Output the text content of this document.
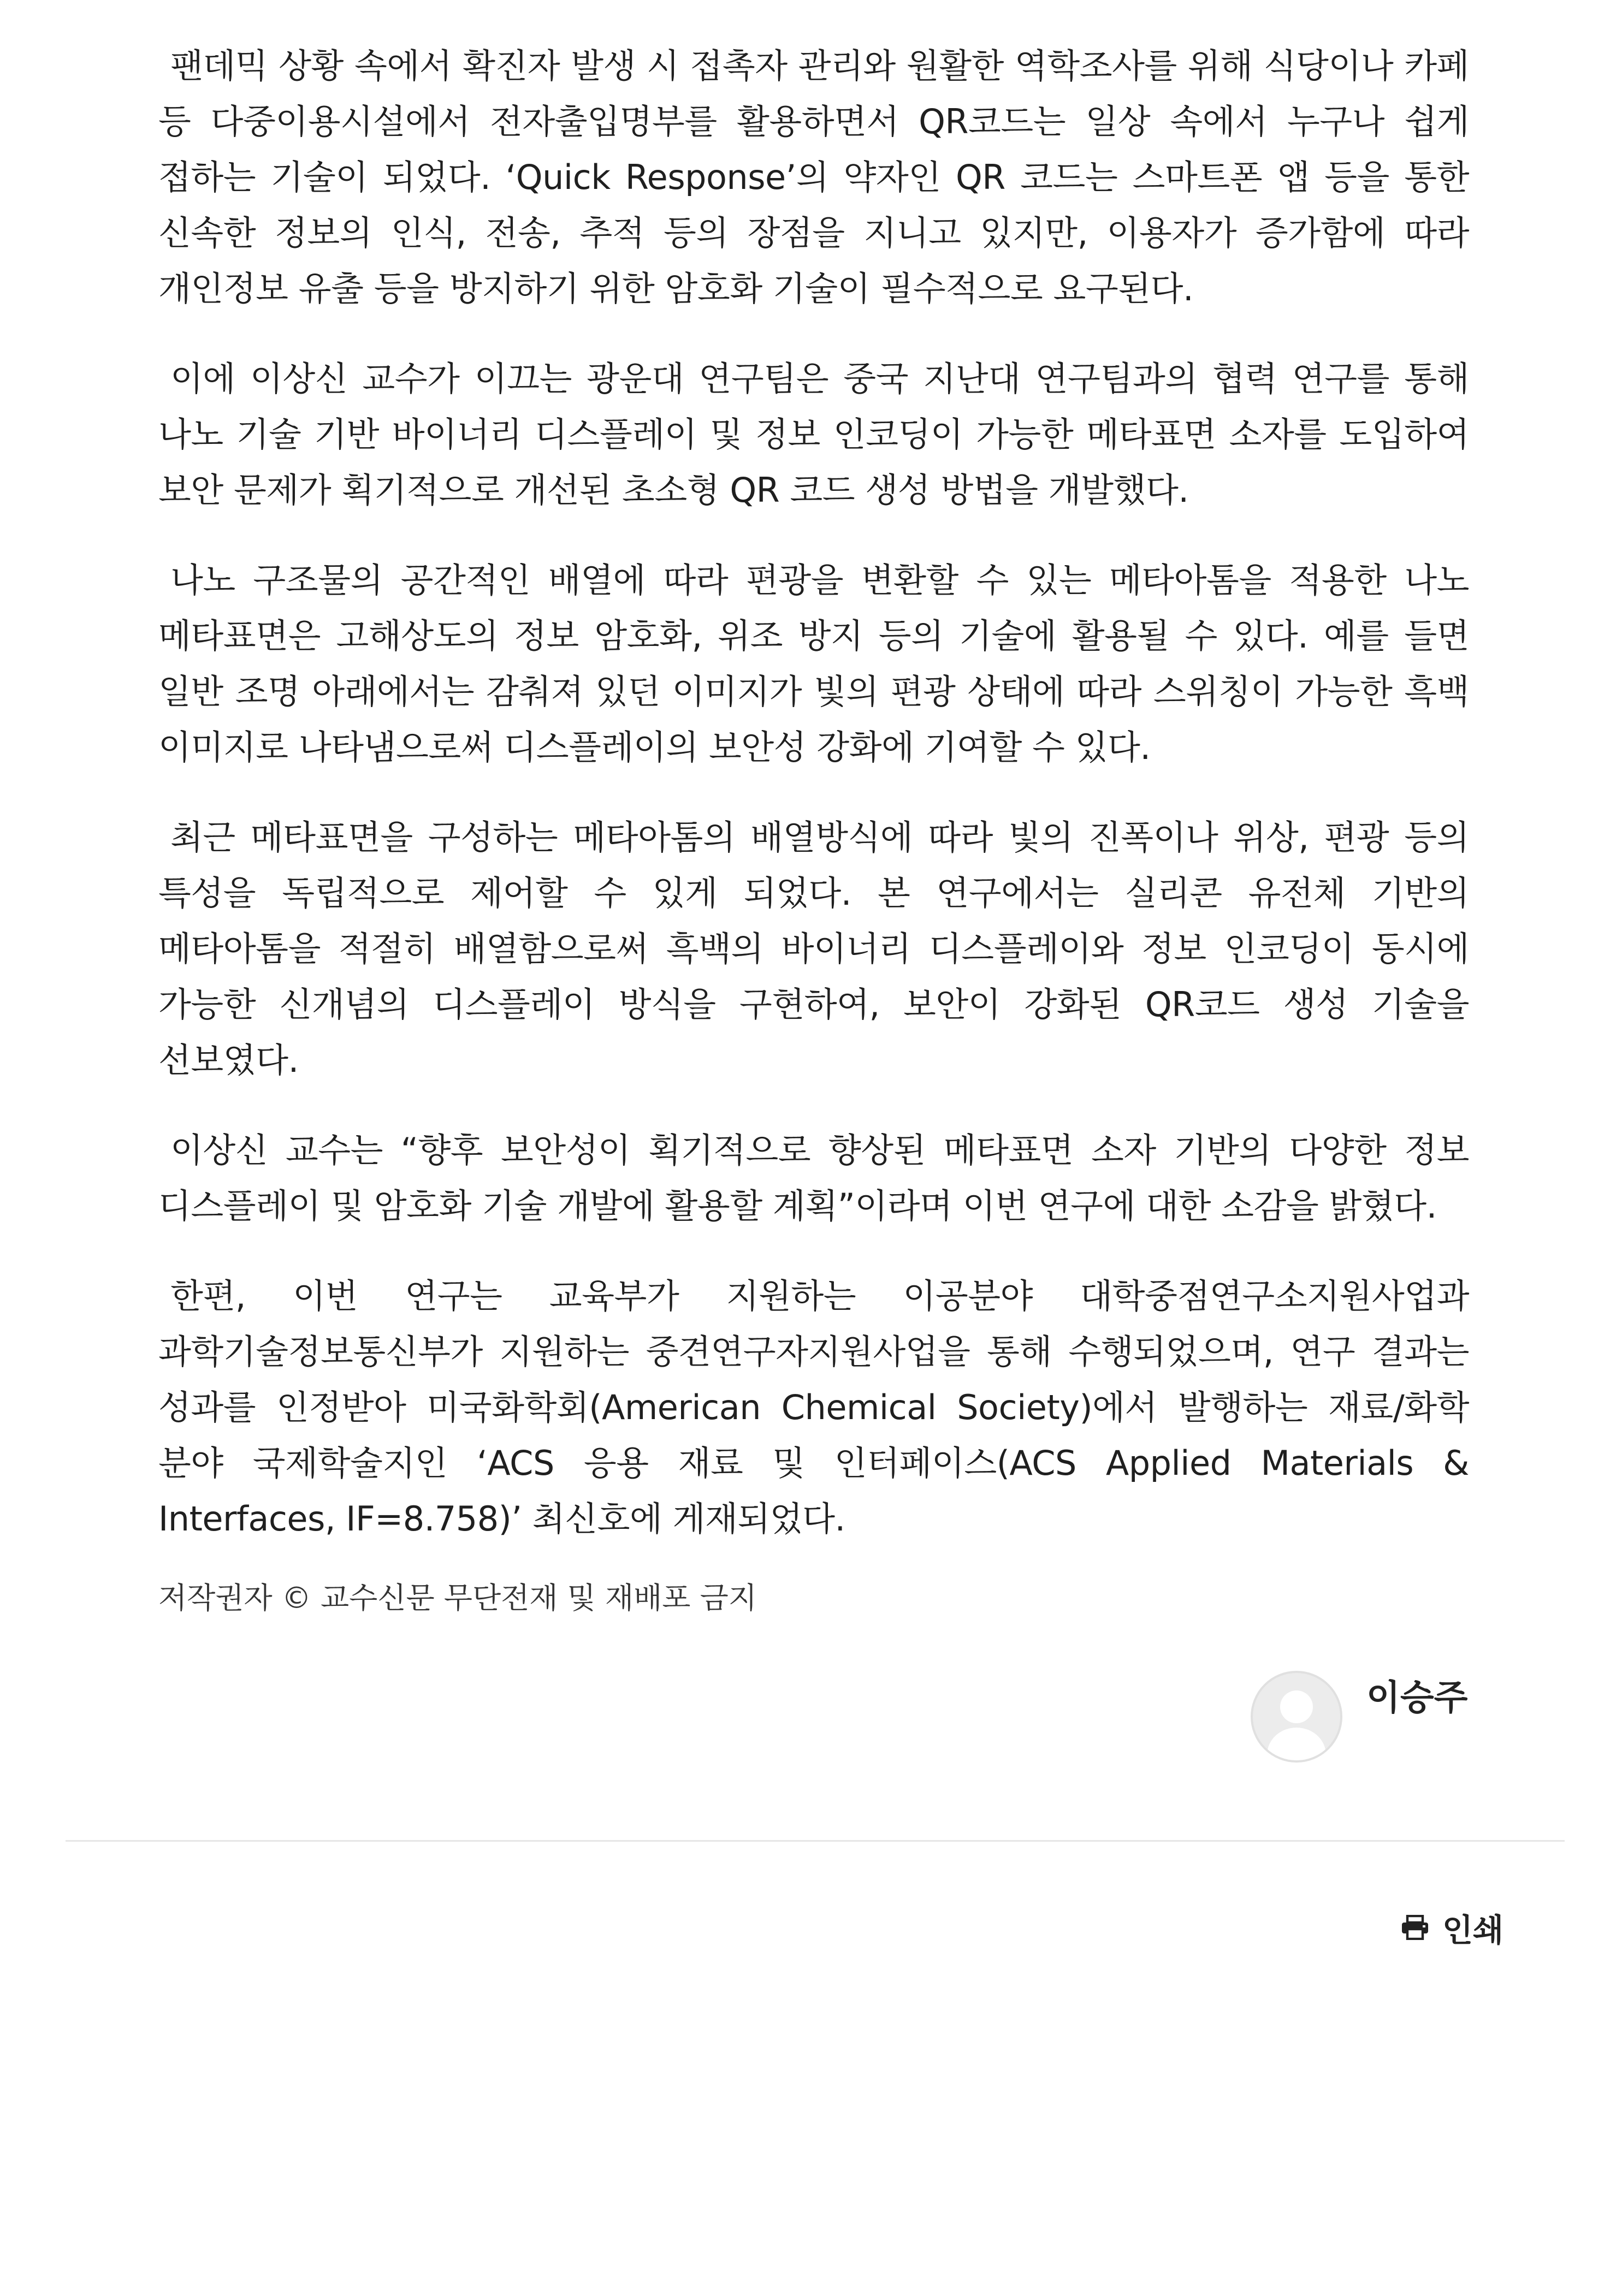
팬데믹 상황 속에서 확진자 발생 시 접촉자 관리와 원활한 역학조사를 위해 식당이나 카페 등 다중이용시설에서 전자출입명부를 활용하면서 QR코드는 일상 속에서 누구나 쉽게 접하는 기술이 되었다. ‘Quick Response’의 약자인 QR 코드는 스마트폰 앱 등을 통한 신속한 정보의 인식, 전송, 추적 등의 장점을 지니고 있지만, 이용자가 증가함에 따라 개인정보 유출 등을 방지하기 위한 암호화 기술이 필수적으로 요구된다.

이에 이상신 교수가 이끄는 광운대 연구팀은 중국 지난대 연구팀과의 협력 연구를 통해 나노 기술 기반 바이너리 디스플레이 및 정보 인코딩이 가능한 메타표면 소자를 도입하여 보안 문제가 획기적으로 개선된 초소형 QR 코드 생성 방법을 개발했다.

나노 구조물의 공간적인 배열에 따라 편광을 변환할 수 있는 메타아톰을 적용한 나노 메타표면은 고해상도의 정보 암호화, 위조 방지 등의 기술에 활용될 수 있다. 예를 들면 일반 조명 아래에서는 감춰져 있던 이미지가 빛의 편광 상태에 따라 스위칭이 가능한 흑백 이미지로 나타냄으로써 디스플레이의 보안성 강화에 기여할 수 있다.

최근 메타표면을 구성하는 메타아톰의 배열방식에 따라 빛의 진폭이나 위상, 편광 등의 특성을 독립적으로 제어할 수 있게 되었다. 본 연구에서는 실리콘 유전체 기반의 메타아톰을 적절히 배열함으로써 흑백의 바이너리 디스플레이와 정보 인코딩이 동시에 가능한 신개념의 디스플레이 방식을 구현하여, 보안이 강화된 QR코드 생성 기술을 선보였다.

이상신 교수는 “향후 보안성이 획기적으로 향상된 메타표면 소자 기반의 다양한 정보 디스플레이 및 암호화 기술 개발에 활용할 계획”이라며 이번 연구에 대한 소감을 밝혔다.

한편, 이번 연구는 교육부가 지원하는 이공분야 대학중점연구소지원사업과 과학기술정보통신부가 지원하는 중견연구자지원사업을 통해 수행되었으며, 연구 결과는 성과를 인정받아 미국화학회(American Chemical Society)에서 발행하는 재료/화학 분야 국제학술지인 ‘ACS 응용 재료 및 인터페이스(ACS Applied Materials & Interfaces, IF=8.758)’ 최신호에 게재되었다.

저작권자 © 교수신문 무단전재 및 재배포 금지
이승주
인쇄
